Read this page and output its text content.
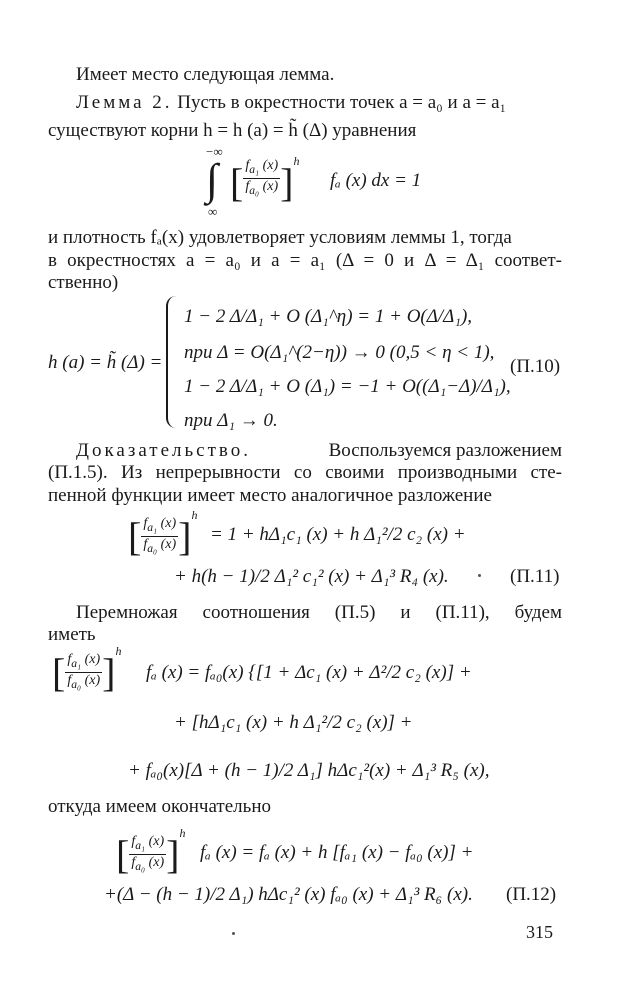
Имеет место следующая лемма.
Лемма 2. Пусть в окрестности точек a = a₀ и a = a₁
существуют корни h = h (a) = h̃ (Δ) уравнения
−∞
∫
∞
[ $\frac{f_{a_1} (x)}{f_{a_0} (x)} ]^h$
fₐ (x) dx = 1
и плотность fₐ(x) удовлетворяет условиям леммы 1, тогда
в окрестностях a = a₀ и a = a₁ (Δ = 0 и Δ = Δ₁ соответ-
ственно)
h (a) = h̃ (Δ) =
1 − 2 Δ/Δ₁ + O (Δ₁^η) = 1 + O(Δ/Δ₁),
при Δ = O(Δ₁^(2−η)) → 0 (0,5 < η < 1),
1 − 2 Δ/Δ₁ + O (Δ₁) = −1 + O((Δ₁−Δ)/Δ₁),
при Δ₁ → 0.
(П.10)
Доказательство.	Воспользуемся разложением
(П.1.5). Из непрерывности со своими производными сте-
пенной функции имеет место аналогичное разложение
[ $\frac{f_{a_1} (x)}{f_{a_0} (x)} ]^h$
= 1 + hΔ₁c₁ (x) + h Δ₁²/2 c₂ (x) +
+ h(h − 1)/2 Δ₁² c₁² (x) + Δ₁³ R₄ (x).	(П.11)
Перемножая соотношения (П.5) и (П.11), будем
иметь
[ $\frac{f_{a_1} (x)}{f_{a_0} (x)} ]^h$
fₐ (x) = fₐ₀(x) {[1 + Δc₁ (x) + Δ²/2 c₂ (x)] +
+ [hΔ₁c₁ (x) + h Δ₁²/2 c₂ (x)] +
+ fₐ₀(x)[Δ + (h − 1)/2 Δ₁] hΔc₁²(x) + Δ₁³ R₅ (x),
откуда имеем окончательно
[ $\frac{f_{a_1} (x)}{f_{a_0} (x)} ]^h$
fₐ (x) = fₐ (x) + h [fₐ₁ (x) − fₐ₀ (x)] +
+(Δ − (h − 1)/2 Δ₁) hΔc₁² (x) fₐ₀ (x) + Δ₁³ R₆ (x). (П.12)
315
